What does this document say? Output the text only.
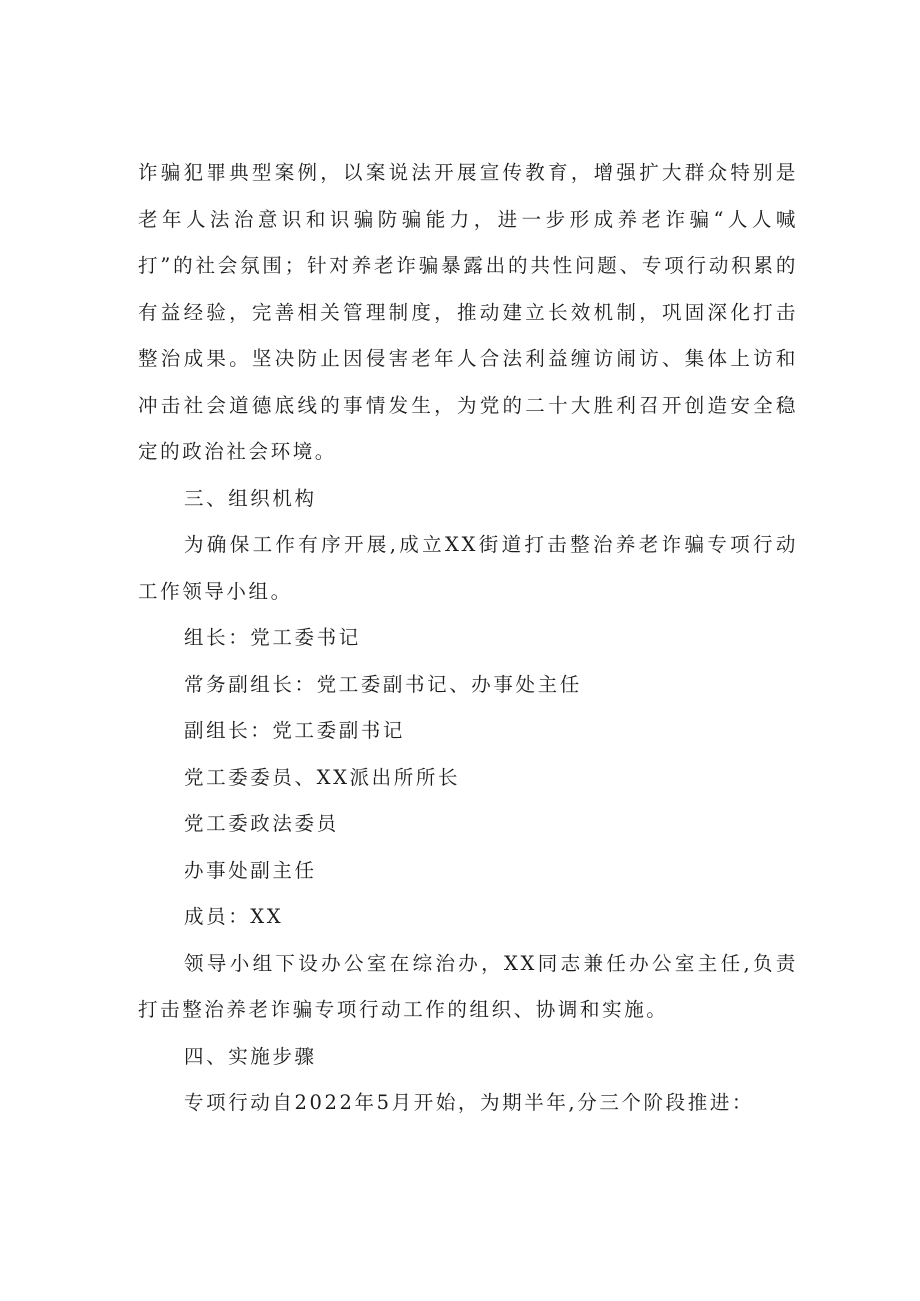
诈骗犯罪典型案例，以案说法开展宣传教育，增强扩大群众特别是老年人法治意识和识骗防骗能力，进一步形成养老诈骗“人人喊打”的社会氛围；针对养老诈骗暴露出的共性问题、专项行动积累的有益经验，完善相关管理制度，推动建立长效机制，巩固深化打击整治成果。坚决防止因侵害老年人合法利益缠访闹访、集体上访和冲击社会道德底线的事情发生，为党的二十大胜利召开创造安全稳定的政治社会环境。

三、组织机构

为确保工作有序开展,成立XX街道打击整治养老诈骗专项行动工作领导小组。

组长：党工委书记

常务副组长：党工委副书记、办事处主任

副组长：党工委副书记

党工委委员、XX派出所所长

党工委政法委员

办事处副主任

成员：XX

领导小组下设办公室在综治办，XX同志兼任办公室主任,负责打击整治养老诈骗专项行动工作的组织、协调和实施。

四、实施步骤

专项行动自2022年5月开始，为期半年,分三个阶段推进：
